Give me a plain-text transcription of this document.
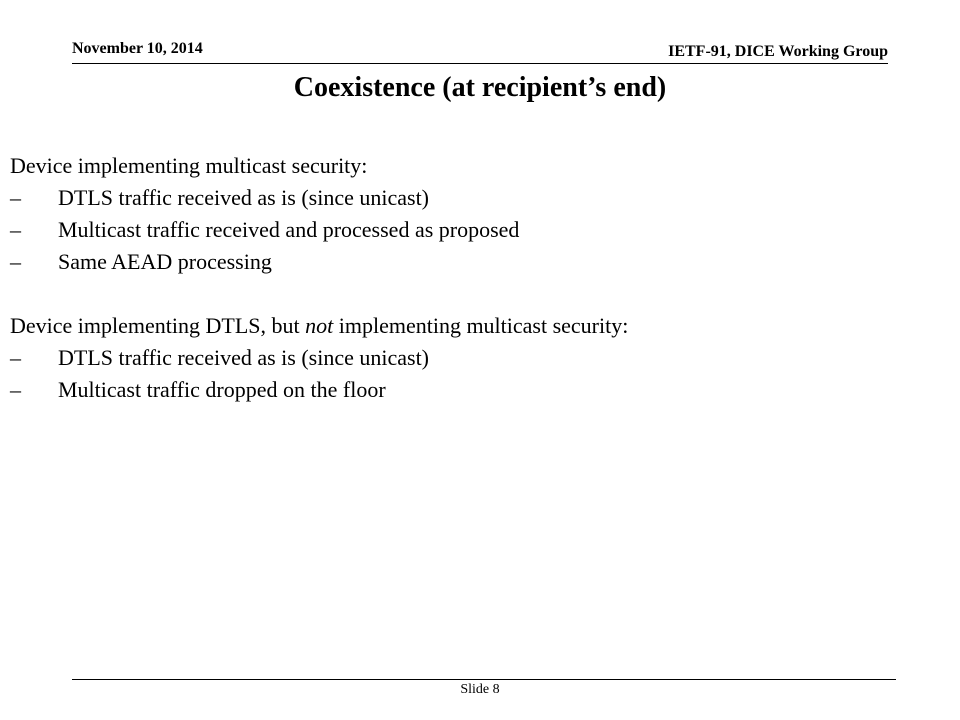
November 10, 2014	IETF-91, DICE Working Group
Coexistence (at recipient’s end)

Device implementing multicast security:

–	DTLS traffic received as is (since unicast)
–	Multicast traffic received and processed as proposed
–	Same AEAD processing

Device implementing DTLS, but not implementing multicast security:

–	DTLS traffic received as is (since unicast)
–	Multicast traffic dropped on the floor
Slide 8
